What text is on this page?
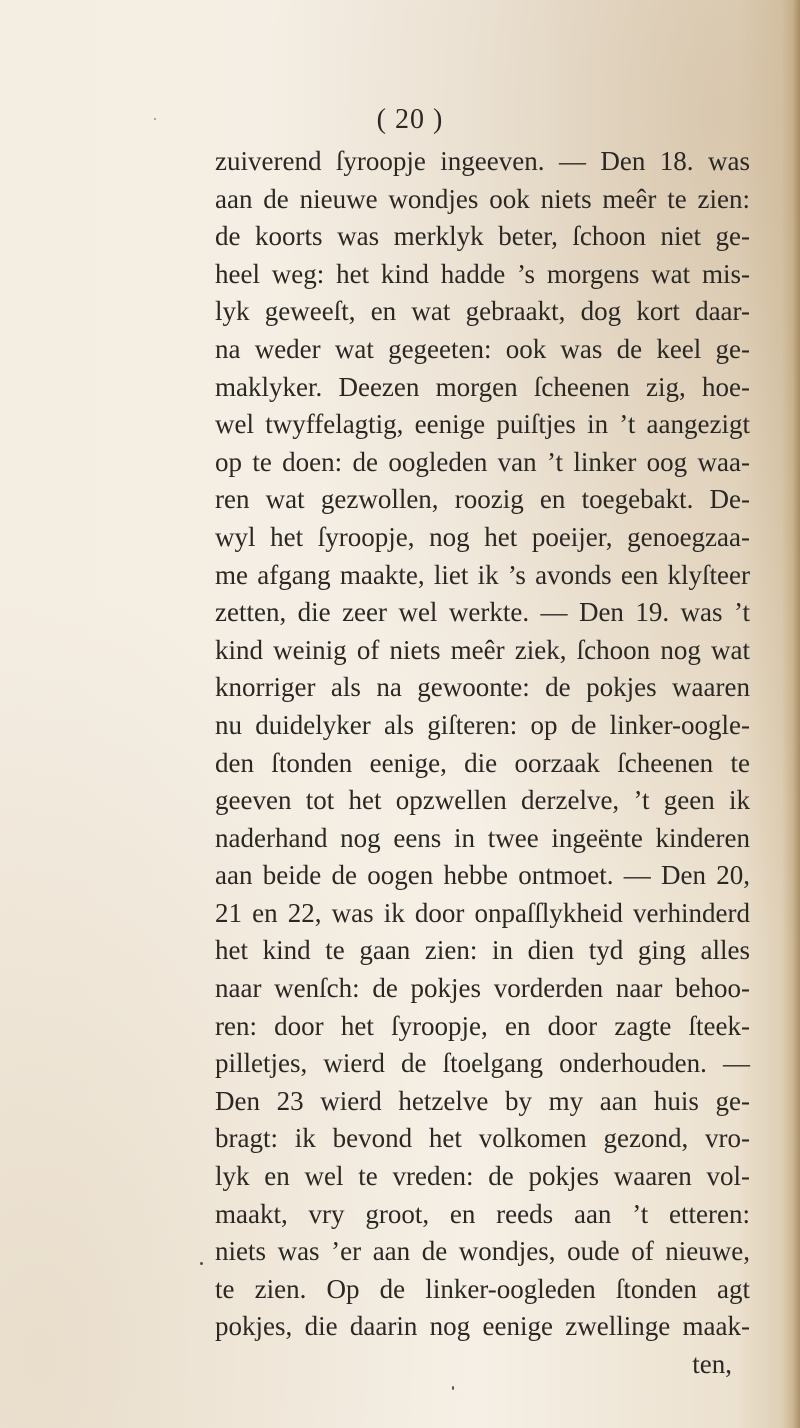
( 20 )
zuiverend ſyroopje ingeeven. — Den 18. was
aan de nieuwe wondjes ook niets meêr te zien:
de koorts was merklyk beter, ſchoon niet ge-
heel weg: het kind hadde ’s morgens wat mis-
lyk geweeſt, en wat gebraakt, dog kort daar-
na weder wat gegeeten: ook was de keel ge-
maklyker. Deezen morgen ſcheenen zig, hoe-
wel twyffelagtig, eenige puiſtjes in ’t aangezigt
op te doen: de oogleden van ’t linker oog waa-
ren wat gezwollen, roozig en toegebakt. De-
wyl het ſyroopje, nog het poeijer, genoegzaa-
me afgang maakte, liet ik ’s avonds een klyſteer
zetten, die zeer wel werkte. — Den 19. was ’t
kind weinig of niets meêr ziek, ſchoon nog wat
knorriger als na gewoonte: de pokjes waaren
nu duidelyker als giſteren: op de linker-oogle-
den ſtonden eenige, die oorzaak ſcheenen te
geeven tot het opzwellen derzelve, ’t geen ik
naderhand nog eens in twee ingeënte kinderen
aan beide de oogen hebbe ontmoet. — Den 20,
21 en 22, was ik door onpaſſlykheid verhinderd
het kind te gaan zien: in dien tyd ging alles
naar wenſch: de pokjes vorderden naar behoo-
ren: door het ſyroopje, en door zagte ſteek-
pilletjes, wierd de ſtoelgang onderhouden. —
Den 23 wierd hetzelve by my aan huis ge-
bragt: ik bevond het volkomen gezond, vro-
lyk en wel te vreden: de pokjes waaren vol-
maakt, vry groot, en reeds aan ’t etteren:
niets was ’er aan de wondjes, oude of nieuwe,
te zien. Op de linker-oogleden ſtonden agt
pokjes, die daarin nog eenige zwellinge maak-
ten,
